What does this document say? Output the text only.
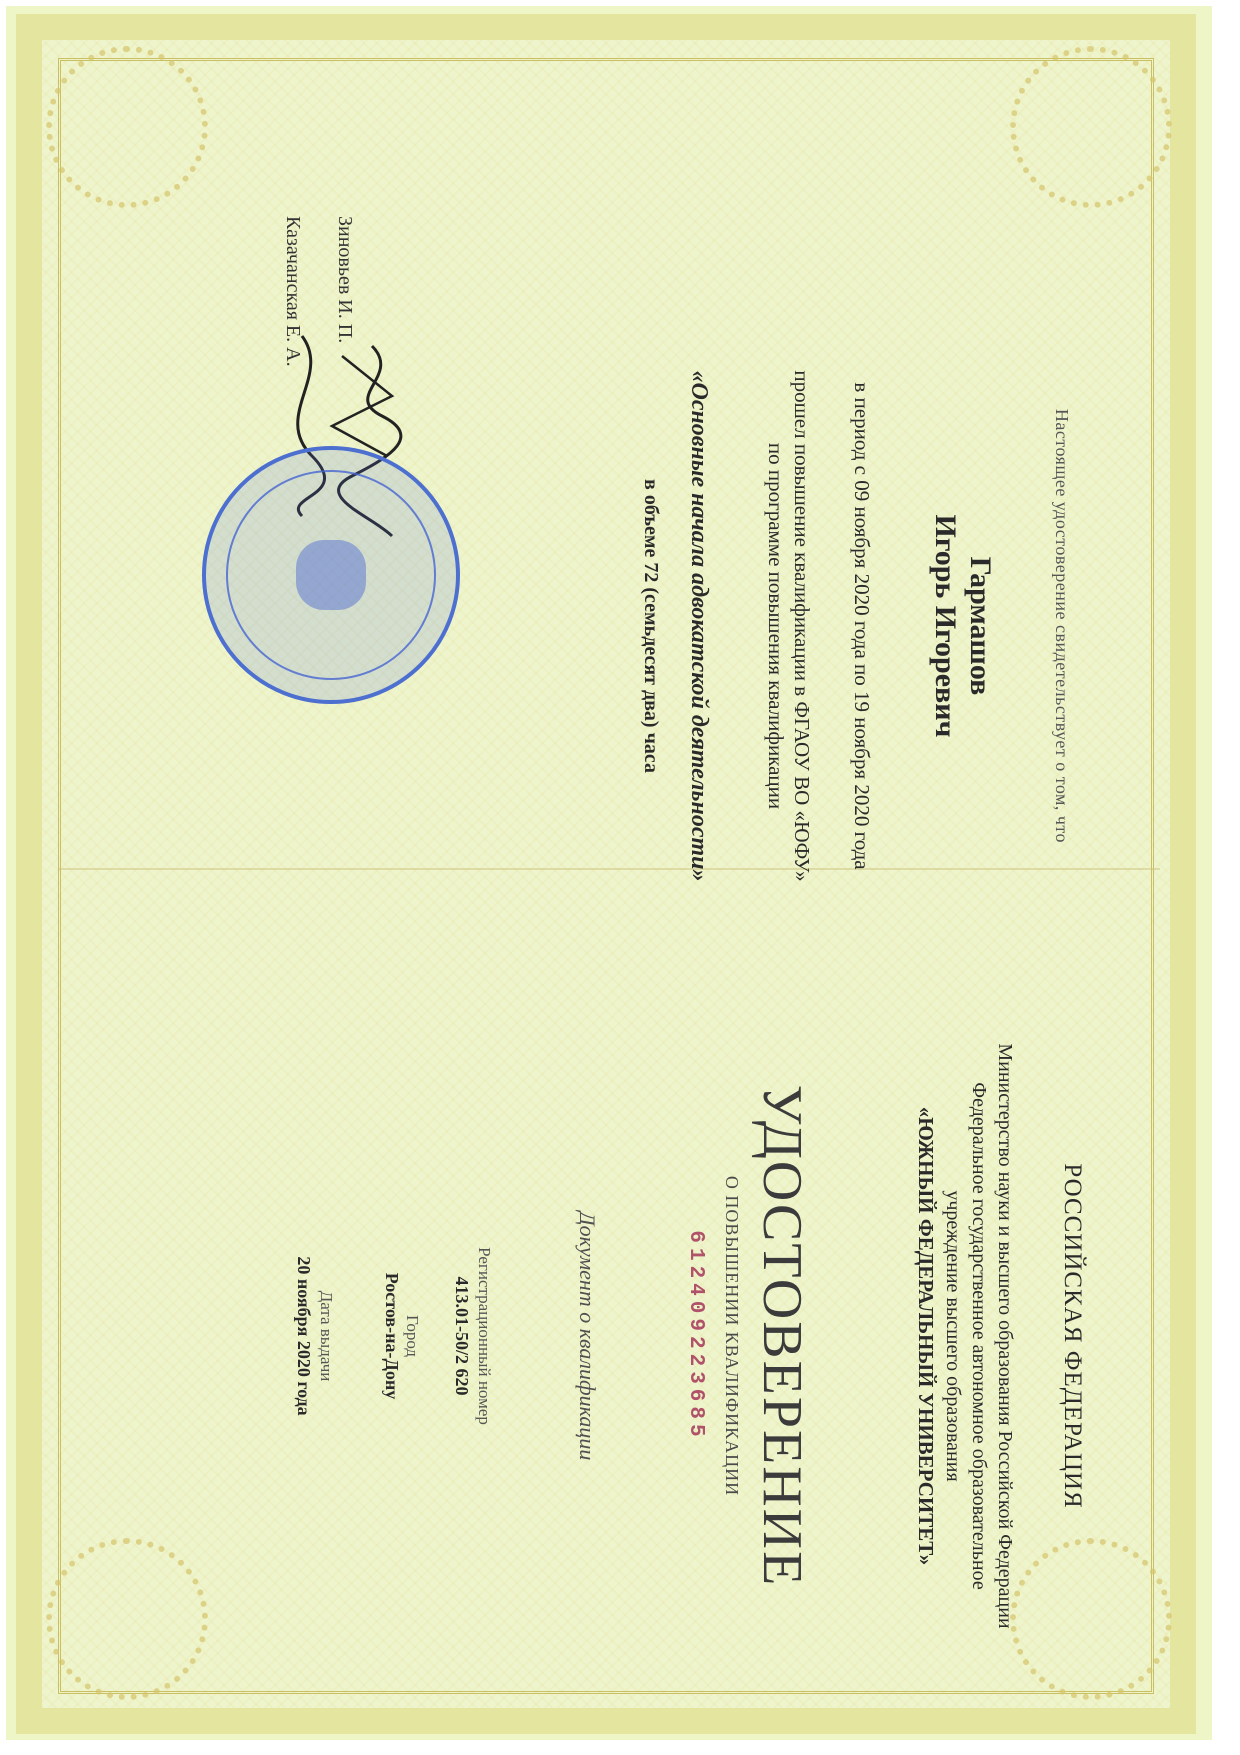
РОССИЙСКАЯ ФЕДЕРАЦИЯ
Министерство науки и высшего образования Российской Федерации
Федеральное государственное автономное образовательное
учреждение высшего образования
«ЮЖНЫЙ ФЕДЕРАЛЬНЫЙ УНИВЕРСИТЕТ»
УДОСТОВЕРЕНИЕ
О ПОВЫШЕНИИ КВАЛИФИКАЦИИ
612409223685
Документ о квалификации
Регистрационный номер
413.01-50/2 620
Город
Ростов-на-Дону
Дата выдачи
20 ноября 2020 года
Настоящее удостоверение свидетельствует о том, что
Гармашов
Игорь Игоревич
в период с 09 ноября 2020 года по 19 ноября 2020 года
прошел повышение квалификации в ФГАОУ ВО «ЮФУ»
по программе повышения квалификации
«Основные начала адвокатской деятельности»
в объеме 72 (семьдесят два) часа
Зиновьев И. П.
Казачанская Е. А.
